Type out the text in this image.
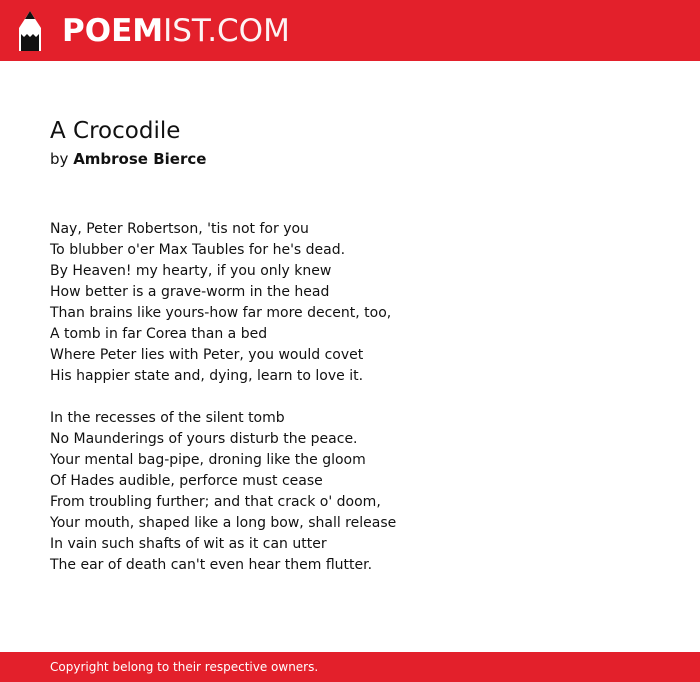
POEMIST.COM
A Crocodile
by Ambrose Bierce
Nay, Peter Robertson, 'tis not for you
To blubber o'er Max Taubles for he's dead.
By Heaven! my hearty, if you only knew
How better is a grave-worm in the head
Than brains like yours-how far more decent, too,
A tomb in far Corea than a bed
Where Peter lies with Peter, you would covet
His happier state and, dying, learn to love it.
In the recesses of the silent tomb
No Maunderings of yours disturb the peace.
Your mental bag-pipe, droning like the gloom
Of Hades audible, perforce must cease
From troubling further; and that crack o' doom,
Your mouth, shaped like a long bow, shall release
In vain such shafts of wit as it can utter
The ear of death can't even hear them flutter.
Copyright belong to their respective owners.
